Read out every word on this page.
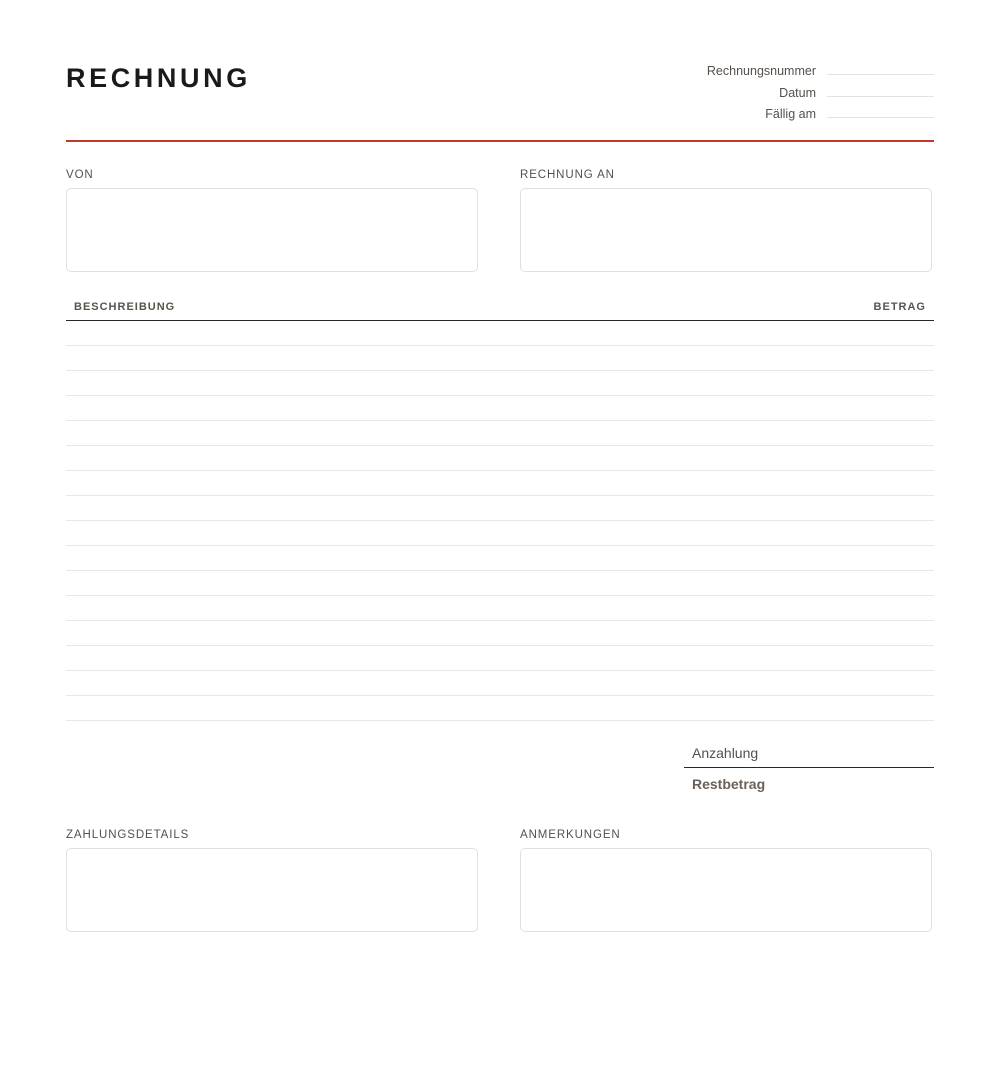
RECHNUNG	Rechnungsnummer
Datum
Fällig am
VON	RECHNUNG AN
BESCHREIBUNG	BETRAG
Anzahlung
Restbetrag
ZAHLUNGSDETAILS	ANMERKUNGEN
